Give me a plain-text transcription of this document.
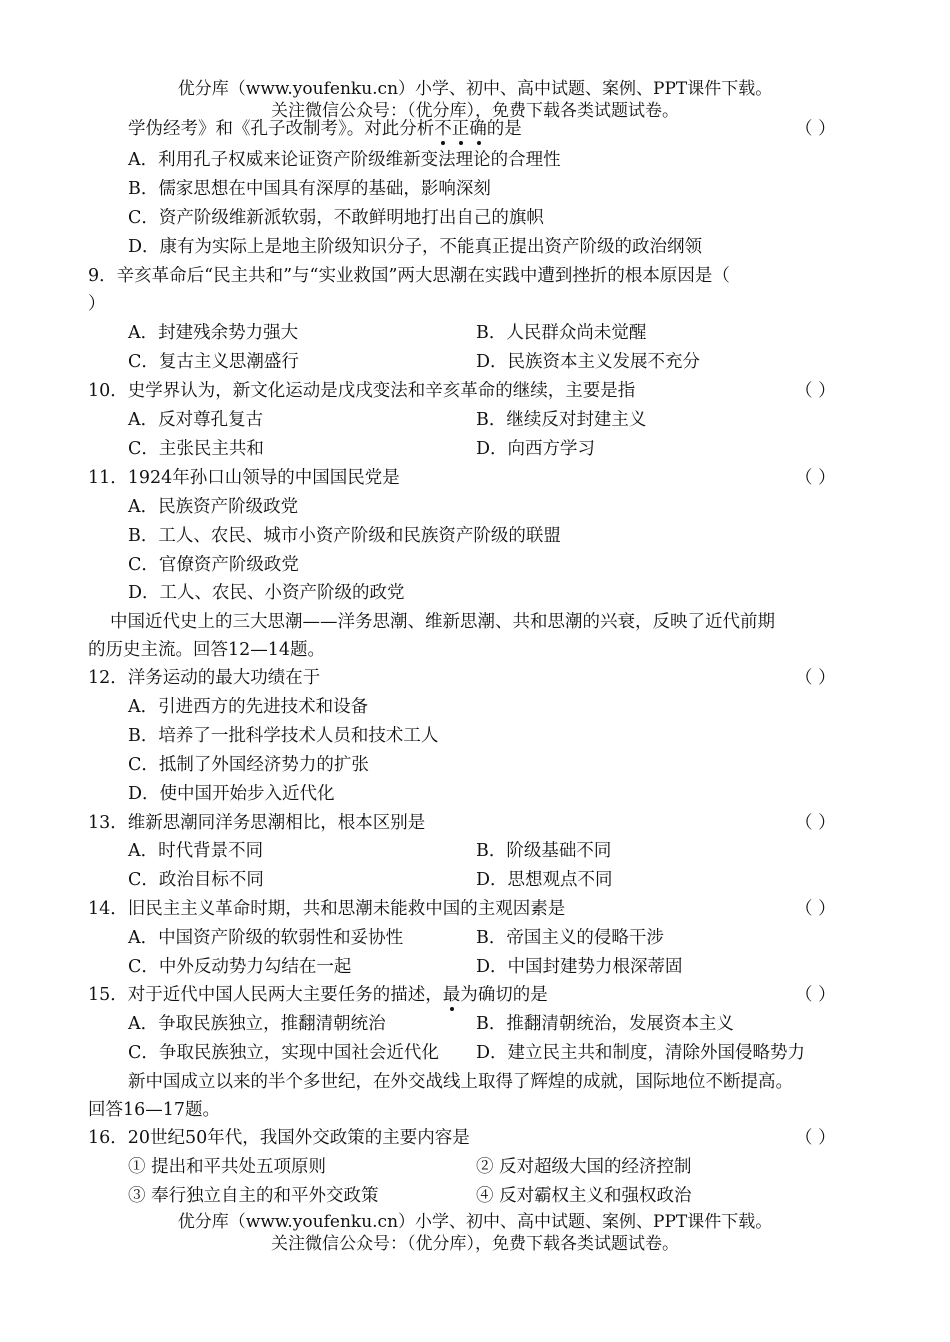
优分库（www.youfenku.cn）小学、初中、高中试题、案例、PPT课件下载。
关注微信公众号：（优分库），免费下载各类试题试卷。
学伪经考》和《孔子改制考》。对此分析不正确
的是	（ ）
A．利用孔子权威来论证资产阶级维新变法理论的合理性
B．儒家思想在中国具有深厚的基础，影响深刻
C．资产阶级维新派软弱，不敢鲜明地打出自己的旗帜
D．康有为实际上是地主阶级知识分子，不能真正提出资产阶级的政治纲领
9．辛亥革命后“民主共和”与“实业救国”两大思潮在实践中遭到挫折的根本原因是（
）
A．封建残余势力强大	B．人民群众尚未觉醒
C．复古主义思潮盛行	D．民族资本主义发展不充分
10．史学界认为，新文化运动是戊戌变法和辛亥革命的继续，主要是指	（ ）
A．反对尊孔复古	B．继续反对封建主义
C．主张民主共和	D．向西方学习
11．1924年孙口山领导的中国国民党是	（ ）
A．民族资产阶级政党
B．工人、农民、城市小资产阶级和民族资产阶级的联盟
C．官僚资产阶级政党
D．工人、农民、小资产阶级的政党
中国近代史上的三大思潮——洋务思潮、维新思潮、共和思潮的兴衰，反映了近代前期
的历史主流。回答12—14题。
12．洋务运动的最大功绩在于	（ ）
A．引进西方的先进技术和设备
B．培养了一批科学技术人员和技术工人
C．抵制了外国经济势力的扩张
D．使中国开始步入近代化
13．维新思潮同洋务思潮相比，根本区别是	（ ）
A．时代背景不同	B．阶级基础不同
C．政治目标不同	D．思想观点不同
14．旧民主主义革命时期，共和思潮未能救中国的主观因素是	（ ）
A．中国资产阶级的软弱性和妥协性	B．帝国主义的侵略干涉
C．中外反动势力勾结在一起	D．中国封建势力根深蒂固
15．对于近代中国人民两大主要任务的描述，最
为确切的是	（ ）
A．争取民族独立，推翻清朝统治	B．推翻清朝统治，发展资本主义
C．争取民族独立，实现中国社会近代化 D．建立民主共和制度，清除外国侵略势力
新中国成立以来的半个多世纪，在外交战线上取得了辉煌的成就，国际地位不断提高。
回答16—17题。
16．20世纪50年代，我国外交政策的主要内容是	（ ）
① 提出和平共处五项原则	② 反对超级大国的经济控制
③ 奉行独立自主的和平外交政策	④ 反对霸权主义和强权政治
优分库（www.youfenku.cn）小学、初中、高中试题、案例、PPT课件下载。
关注微信公众号：（优分库），免费下载各类试题试卷。
